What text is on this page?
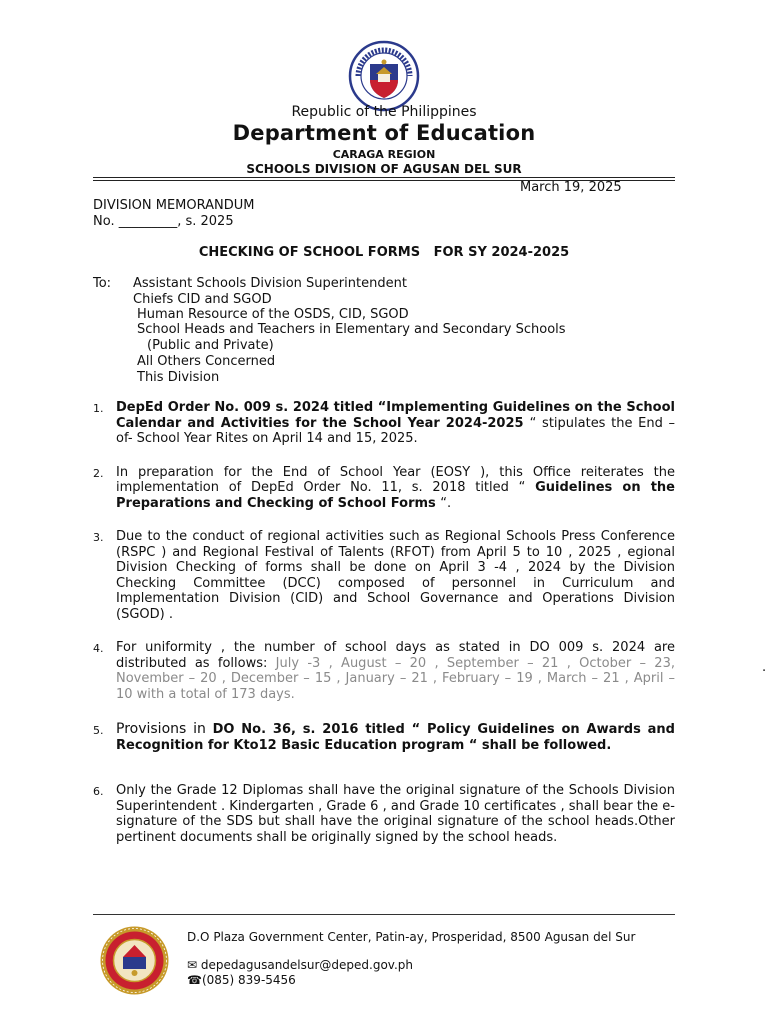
Republic of the Philippines
Department of Education
CARAGA REGION
SCHOOLS DIVISION OF AGUSAN DEL SUR
March 19, 2025
DIVISION MEMORANDUM
No. _________, s. 2025
CHECKING OF SCHOOL FORMS   FOR SY 2024-2025
To: Assistant Schools Division Superintendent
Chiefs CID and SGOD
Human Resource of the OSDS, CID, SGOD
School Heads and Teachers in Elementary and Secondary Schools
(Public and Private)
All Others Concerned
This Division
1. DepEd Order No. 009 s. 2024 titled “Implementing Guidelines on the School Calendar and Activities for the School Year 2024-2025 “ stipulates the End – of- School Year Rites on April 14 and 15, 2025.
2. In preparation for the End of School Year (EOSY ), this Office reiterates the implementation of DepEd Order No. 11, s. 2018 titled “ Guidelines on the Preparations and Checking of School Forms “.
3. Due to the conduct of regional activities such as Regional Schools Press Conference (RSPC ) and Regional Festival of Talents (RFOT) from April 5 to 10 , 2025 , egional Division Checking of forms shall be done on April 3 -4 , 2024 by the Division Checking Committee (DCC) composed of personnel in Curriculum and Implementation Division (CID) and School Governance and Operations Division (SGOD) .
4. For uniformity , the number of school days as stated in DO 009 s. 2024 are distributed as follows: July -3 , August – 20 , September – 21 , October – 23, November – 20 , December – 15 , January – 21 , February – 19 , March – 21 , April – 10 with a total of 173 days.
5. Provisions in DO No. 36, s. 2016 titled “ Policy Guidelines on Awards and Recognition for Kto12 Basic Education program “ shall be followed.
6. Only the Grade 12 Diplomas shall have the original signature of the Schools Division Superintendent . Kindergarten , Grade 6 , and Grade 10 certificates , shall bear the e-signature of the SDS but shall have the original signature of the school heads.Other pertinent documents shall be originally signed by the school heads.
.
D.O Plaza Government Center, Patin-ay, Prosperidad, 8500 Agusan del Sur
✉ depedagusandelsur@deped.gov.ph
☎(085) 839-5456
